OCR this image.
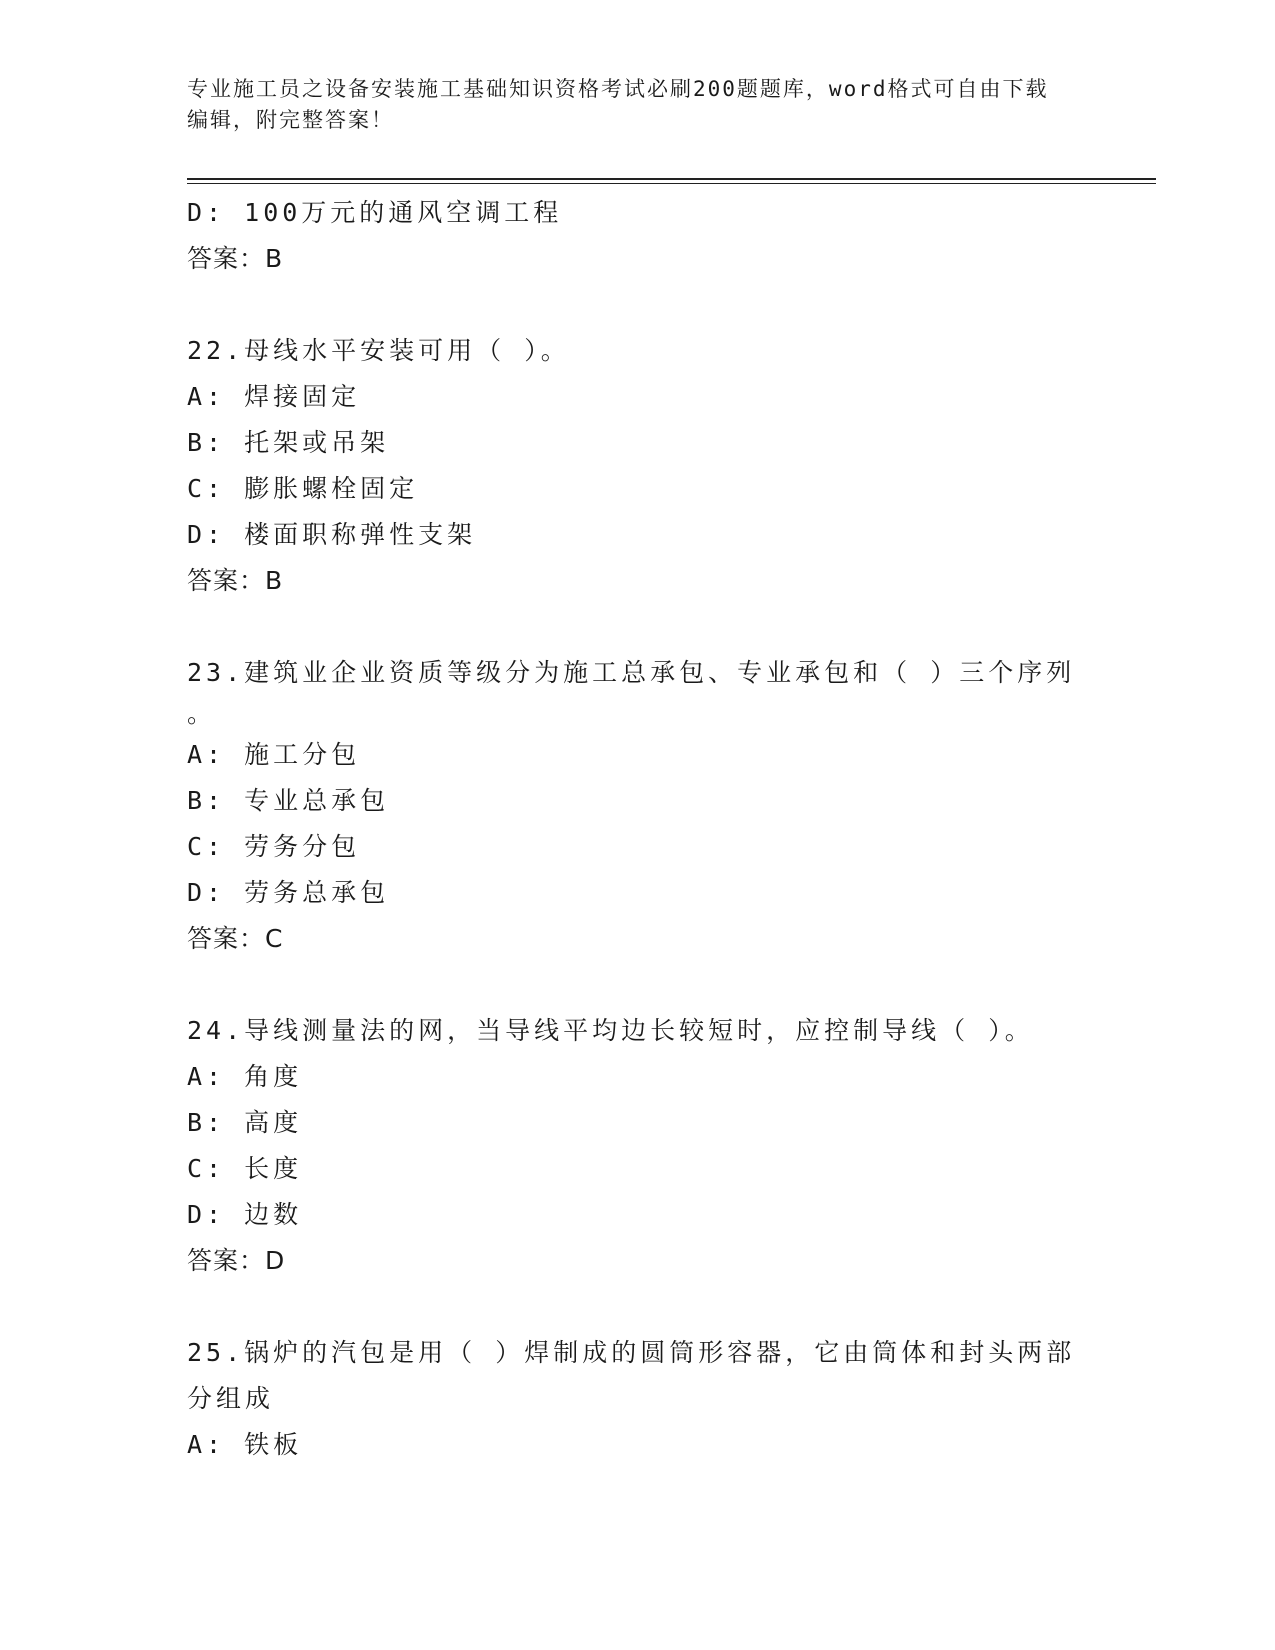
专业施工员之设备安装施工基础知识资格考试必刷200题题库，word格式可自由下载编辑，附完整答案！
D: 100万元的通风空调工程
答案：B
22.母线水平安装可用（ ）。
A: 焊接固定
B: 托架或吊架
C: 膨胀螺栓固定
D: 楼面职称弹性支架
答案：B
23.建筑业企业资质等级分为施工总承包、专业承包和（ ）三个序列
。
A: 施工分包
B: 专业总承包
C: 劳务分包
D: 劳务总承包
答案：C
24.导线测量法的网，当导线平均边长较短时，应控制导线（ ）。
A: 角度
B: 高度
C: 长度
D: 边数
答案：D
25.锅炉的汽包是用（ ）焊制成的圆筒形容器，它由筒体和封头两部
分组成
A: 铁板
